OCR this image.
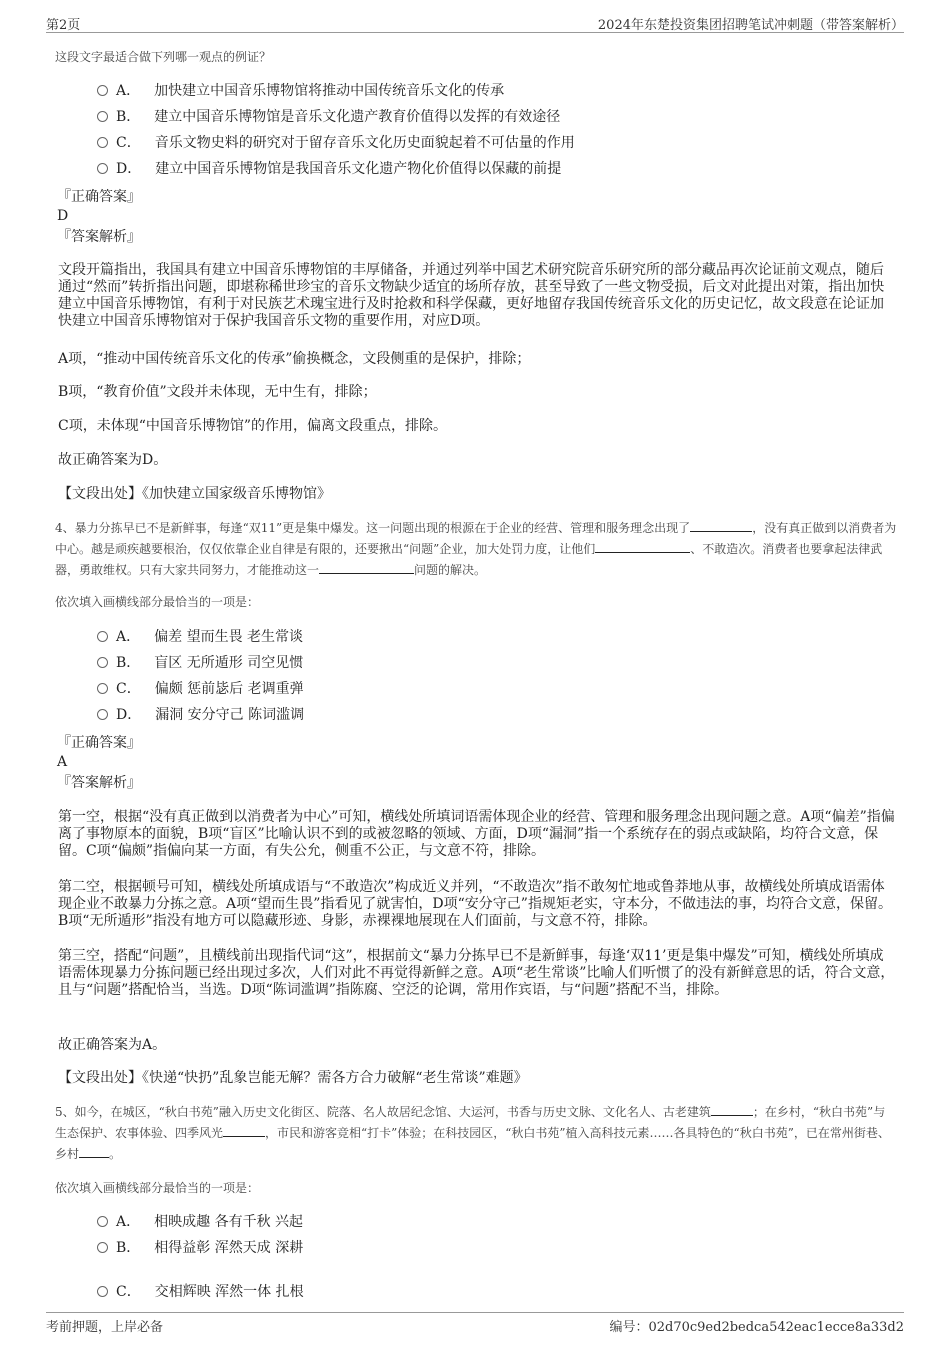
第2页	2024年东楚投资集团招聘笔试冲刺题（带答案解析）
这段文字最适合做下列哪一观点的例证？
A． 加快建立中国音乐博物馆将推动中国传统音乐文化的传承
B． 建立中国音乐博物馆是音乐文化遗产教育价值得以发挥的有效途径
C． 音乐文物史料的研究对于留存音乐文化历史面貌起着不可估量的作用
D． 建立中国音乐博物馆是我国音乐文化遗产物化价值得以保藏的前提
『正确答案』
D
『答案解析』
文段开篇指出，我国具有建立中国音乐博物馆的丰厚储备，并通过列举中国艺术研究院音乐研究所的部分藏品再次论证前文观点，随后通过“然而”转折指出问题，即堪称稀世珍宝的音乐文物缺少适宜的场所存放，甚至导致了一些文物受损，后文对此提出对策，指出加快建立中国音乐博物馆，有利于对民族艺术瑰宝进行及时抢救和科学保藏，更好地留存我国传统音乐文化的历史记忆，故文段意在论证加快建立中国音乐博物馆对于保护我国音乐文物的重要作用，对应D项。
A项，“推动中国传统音乐文化的传承”偷换概念，文段侧重的是保护，排除；
B项，“教育价值”文段并未体现，无中生有，排除；
C项，未体现“中国音乐博物馆”的作用，偏离文段重点，排除。
故正确答案为D。
【文段出处】《加快建立国家级音乐博物馆》
4、暴力分拣早已不是新鲜事，每逢“双11”更是集中爆发。这一问题出现的根源在于企业的经营、管理和服务理念出现了	，没有真正做到以消费者为中心。越是顽疾越要根治，仅仅依靠企业自律是有限的，还要揪出“问题”企业，加大处罚力度，让他们	、不敢造次。消费者也要拿起法律武器，勇敢维权。只有大家共同努力，才能推动这一	问题的解决。
依次填入画横线部分最恰当的一项是：
A． 偏差 望而生畏 老生常谈
B． 盲区 无所遁形 司空见惯
C． 偏颇 惩前毖后 老调重弹
D． 漏洞 安分守己 陈词滥调
『正确答案』
A
『答案解析』
第一空，根据“没有真正做到以消费者为中心”可知，横线处所填词语需体现企业的经营、管理和服务理念出现问题之意。A项“偏差”指偏离了事物原本的面貌，B项“盲区”比喻认识不到的或被忽略的领域、方面，D项“漏洞”指一个系统存在的弱点或缺陷，均符合文意，保留。C项“偏颇”指偏向某一方面，有失公允，侧重不公正，与文意不符，排除。
第二空，根据顿号可知，横线处所填成语与“不敢造次”构成近义并列，“不敢造次”指不敢匆忙地或鲁莽地从事，故横线处所填成语需体现企业不敢暴力分拣之意。A项“望而生畏”指看见了就害怕，D项“安分守己”指规矩老实，守本分，不做违法的事，均符合文意，保留。B项“无所遁形”指没有地方可以隐藏形迹、身影，赤裸裸地展现在人们面前，与文意不符，排除。
第三空，搭配“问题”，且横线前出现指代词“这”，根据前文“暴力分拣早已不是新鲜事，每逢‘双11’更是集中爆发”可知，横线处所填成语需体现暴力分拣问题已经出现过多次，人们对此不再觉得新鲜之意。A项“老生常谈”比喻人们听惯了的没有新鲜意思的话，符合文意，且与“问题”搭配恰当，当选。D项“陈词滥调”指陈腐、空泛的论调，常用作宾语，与“问题”搭配不当，排除。
故正确答案为A。
【文段出处】《快递“快扔”乱象岂能无解？需各方合力破解“老生常谈”难题》
5、如今，在城区，“秋白书苑”融入历史文化街区、院落、名人故居纪念馆、大运河，书香与历史文脉、文化名人、古老建筑	；在乡村，“秋白书苑”与生态保护、农事体验、四季风光	，市民和游客竞相“打卡”体验；在科技园区，“秋白书苑”植入高科技元素……各具特色的“秋白书苑”，已在常州街巷、乡村	。
依次填入画横线部分最恰当的一项是：
A． 相映成趣 各有千秋 兴起
B． 相得益彰 浑然天成 深耕
C． 交相辉映 浑然一体 扎根
考前押题，上岸必备	编号：02d70c9ed2bedca542eac1ecce8a33d2
